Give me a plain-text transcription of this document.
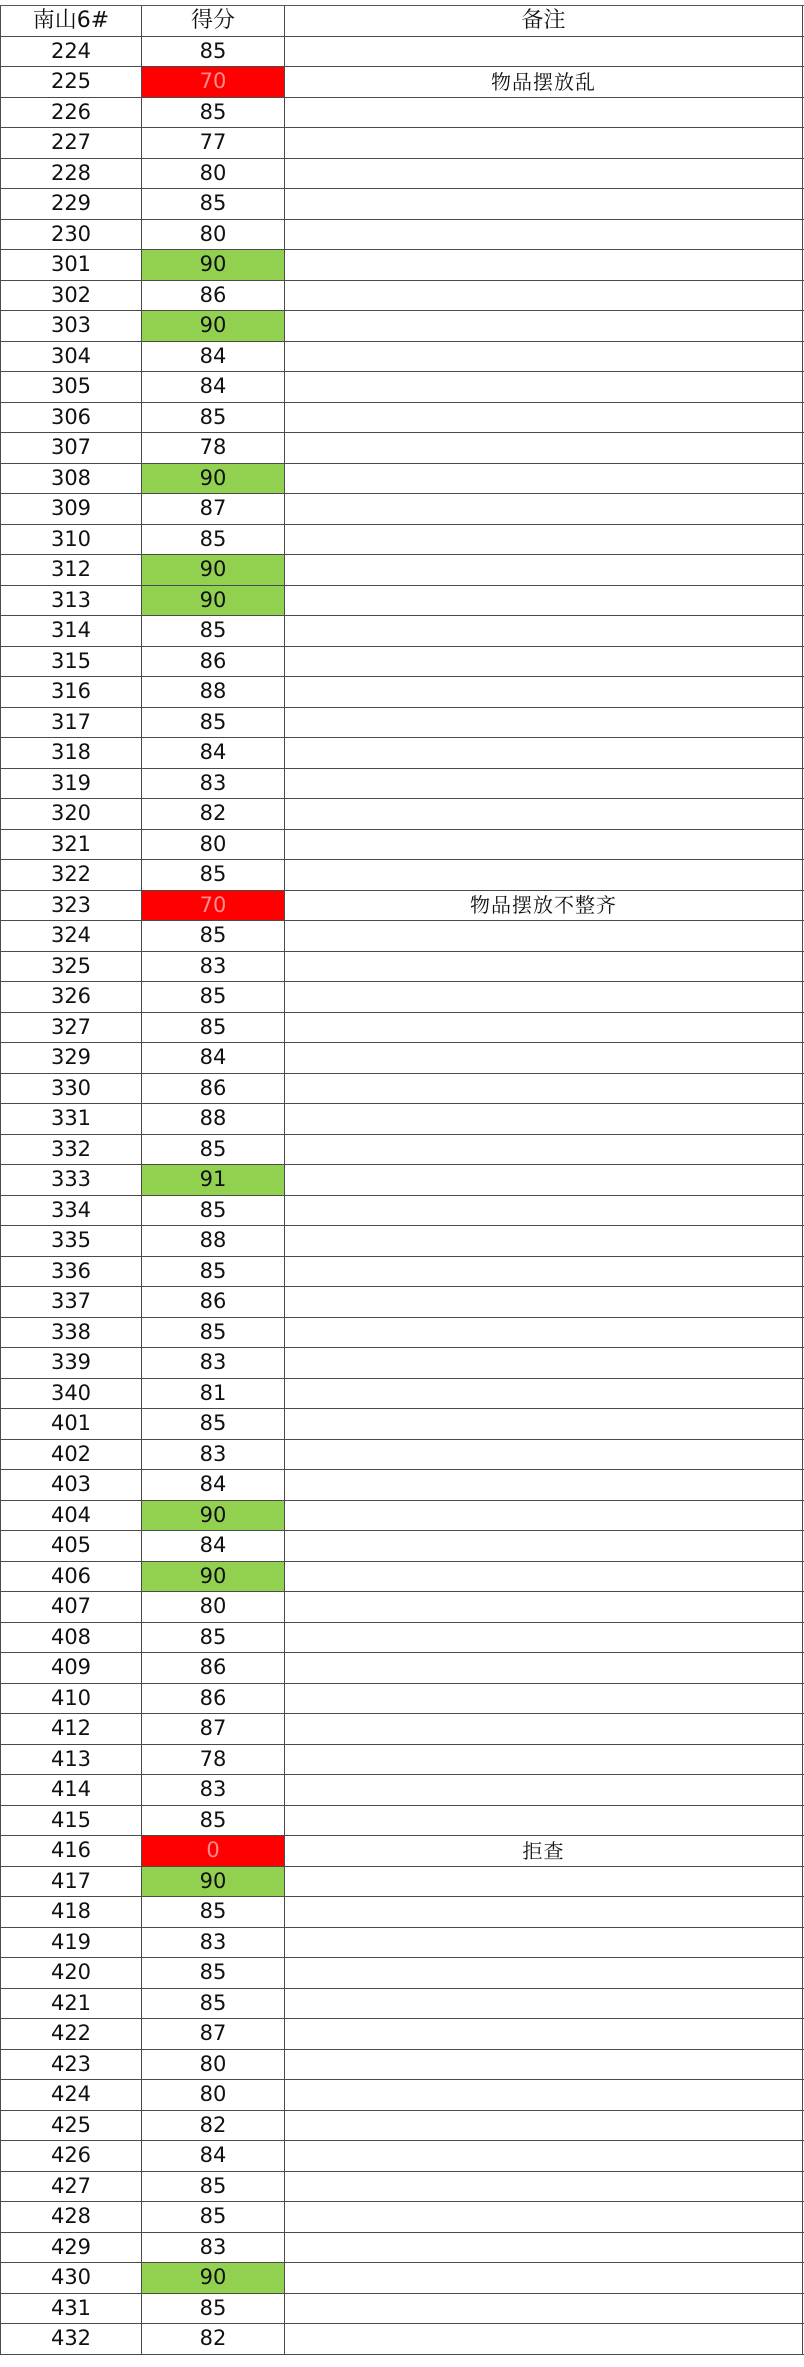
南山6#	得分	备注
224	85
225	70	物品摆放乱
226	85
227	77
228	80
229	85
230	80
301	90
302	86
303	90
304	84
305	84
306	85
307	78
308	90
309	87
310	85
312	90
313	90
314	85
315	86
316	88
317	85
318	84
319	83
320	82
321	80
322	85
323	70	物品摆放不整齐
324	85
325	83
326	85
327	85
329	84
330	86
331	88
332	85
333	91
334	85
335	88
336	85
337	86
338	85
339	83
340	81
401	85
402	83
403	84
404	90
405	84
406	90
407	80
408	85
409	86
410	86
412	87
413	78
414	83
415	85
416	0	拒查
417	90
418	85
419	83
420	85
421	85
422	87
423	80
424	80
425	82
426	84
427	85
428	85
429	83
430	90
431	85
432	82
